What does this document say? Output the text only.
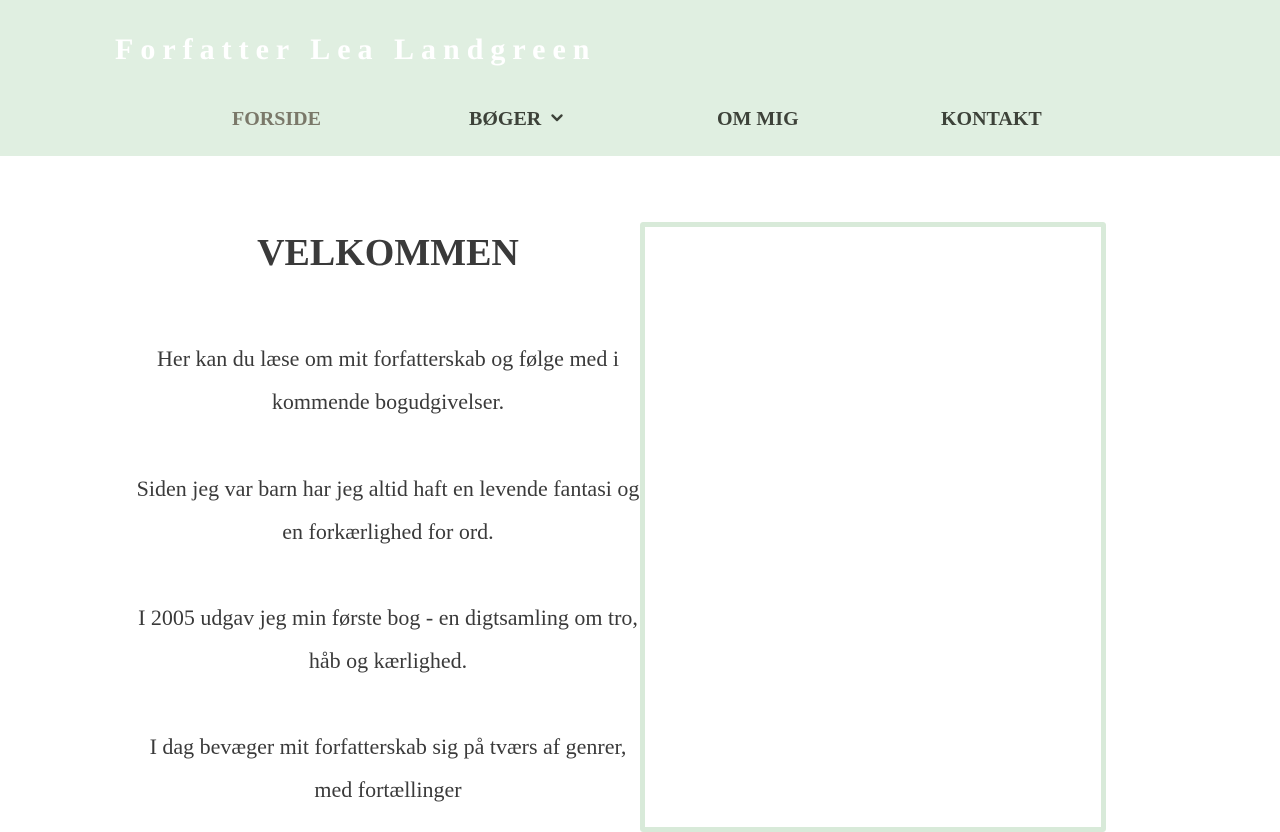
Forfatter Lea Landgreen
FORSIDE	BØGER	OM MIG	KONTAKT
VELKOMMEN

Her kan du læse om mit forfatterskab og følge med i kommende bogudgivelser.

Siden jeg var barn har jeg altid haft en levende fantasi og en forkærlighed for ord.

I 2005 udgav jeg min første bog - en digtsamling om tro, håb og kærlighed.

I dag bevæger mit forfatterskab sig på tværs af genrer, med fortællinger
